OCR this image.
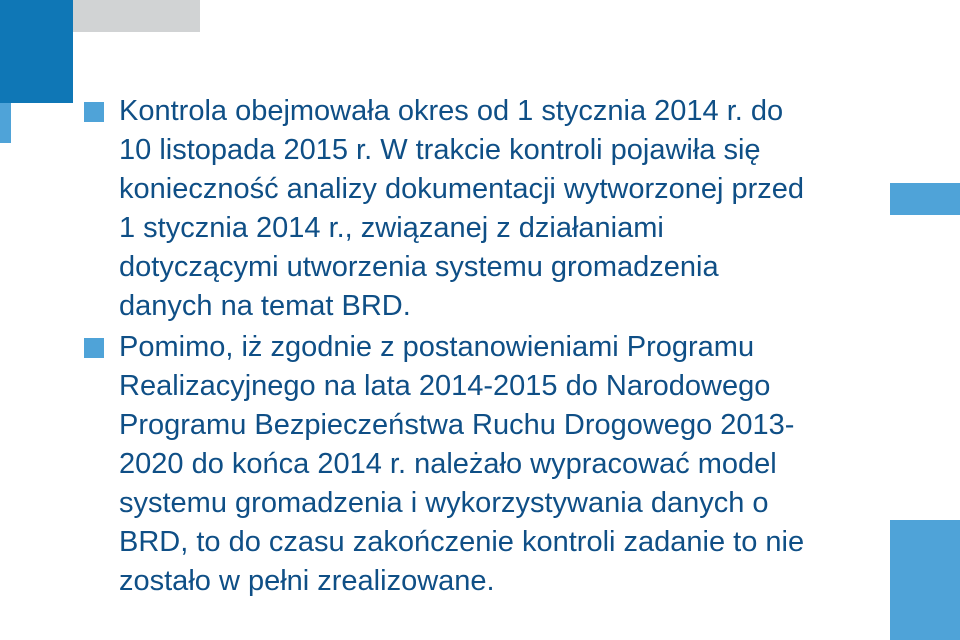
Kontrola obejmowała okres od 1 stycznia 2014 r. do
10 listopada 2015 r. W trakcie kontroli pojawiła się
konieczność analizy dokumentacji wytworzonej przed
1 stycznia 2014 r., związanej z działaniami
dotyczącymi utworzenia systemu gromadzenia
danych na temat BRD.
Pomimo, iż zgodnie z postanowieniami Programu
Realizacyjnego na lata 2014-2015 do Narodowego
Programu Bezpieczeństwa Ruchu Drogowego 2013-
2020 do końca 2014 r. należało wypracować model
systemu gromadzenia i wykorzystywania danych o
BRD, to do czasu zakończenie kontroli zadanie to nie
zostało w pełni zrealizowane.
